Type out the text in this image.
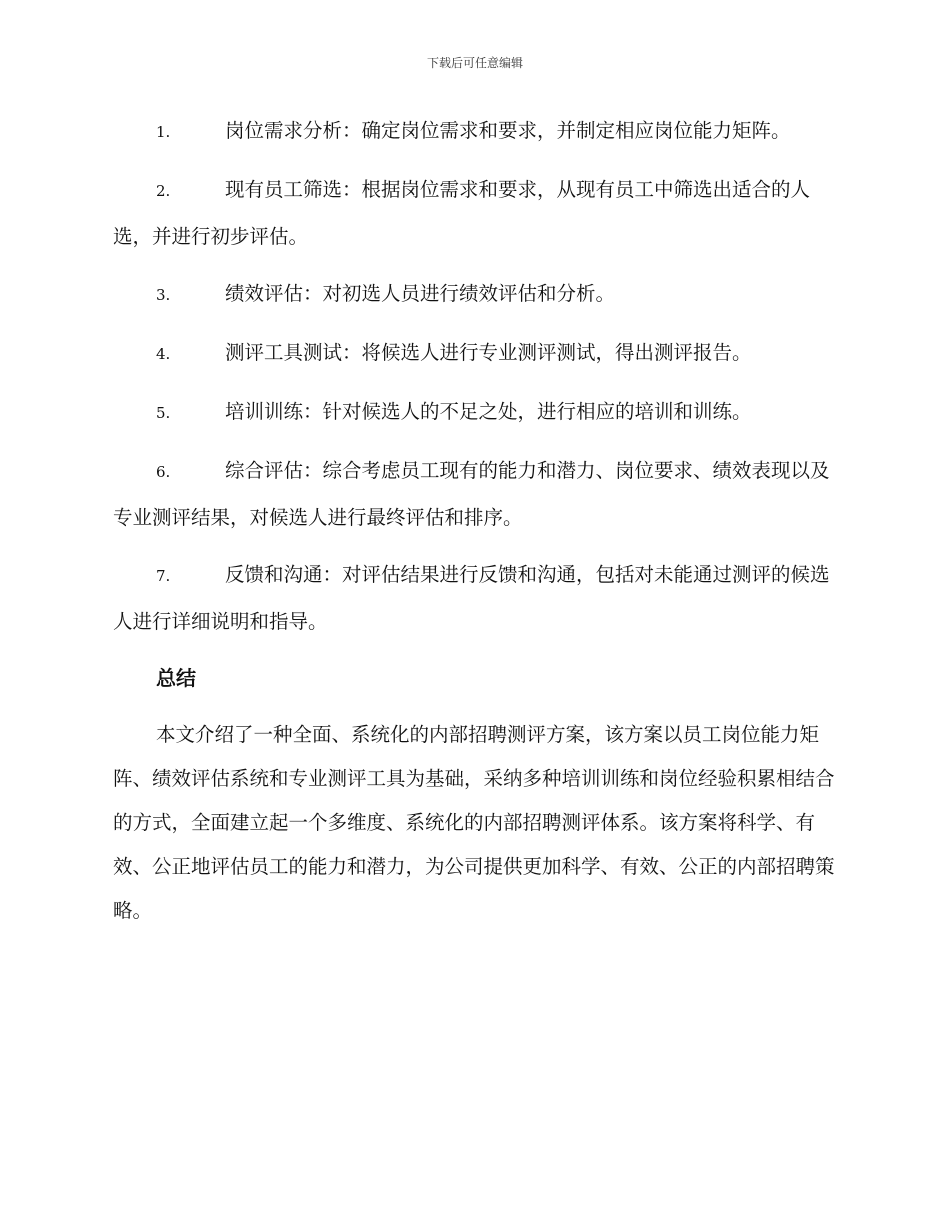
下载后可任意编辑
1.	岗位需求分析：确定岗位需求和要求，并制定相应岗位能力矩阵。
2.	现有员工筛选：根据岗位需求和要求，从现有员工中筛选出适合的人选，并进行初步评估。
3.	绩效评估：对初选人员进行绩效评估和分析。
4.	测评工具测试：将候选人进行专业测评测试，得出测评报告。
5.	培训训练：针对候选人的不足之处，进行相应的培训和训练。
6.	综合评估：综合考虑员工现有的能力和潜力、岗位要求、绩效表现以及专业测评结果，对候选人进行最终评估和排序。
7.	反馈和沟通：对评估结果进行反馈和沟通，包括对未能通过测评的候选人进行详细说明和指导。
总结

本文介绍了一种全面、系统化的内部招聘测评方案，该方案以员工岗位能力矩阵、绩效评估系统和专业测评工具为基础，采纳多种培训训练和岗位经验积累相结合的方式，全面建立起一个多维度、系统化的内部招聘测评体系。该方案将科学、有效、公正地评估员工的能力和潜力，为公司提供更加科学、有效、公正的内部招聘策略。
